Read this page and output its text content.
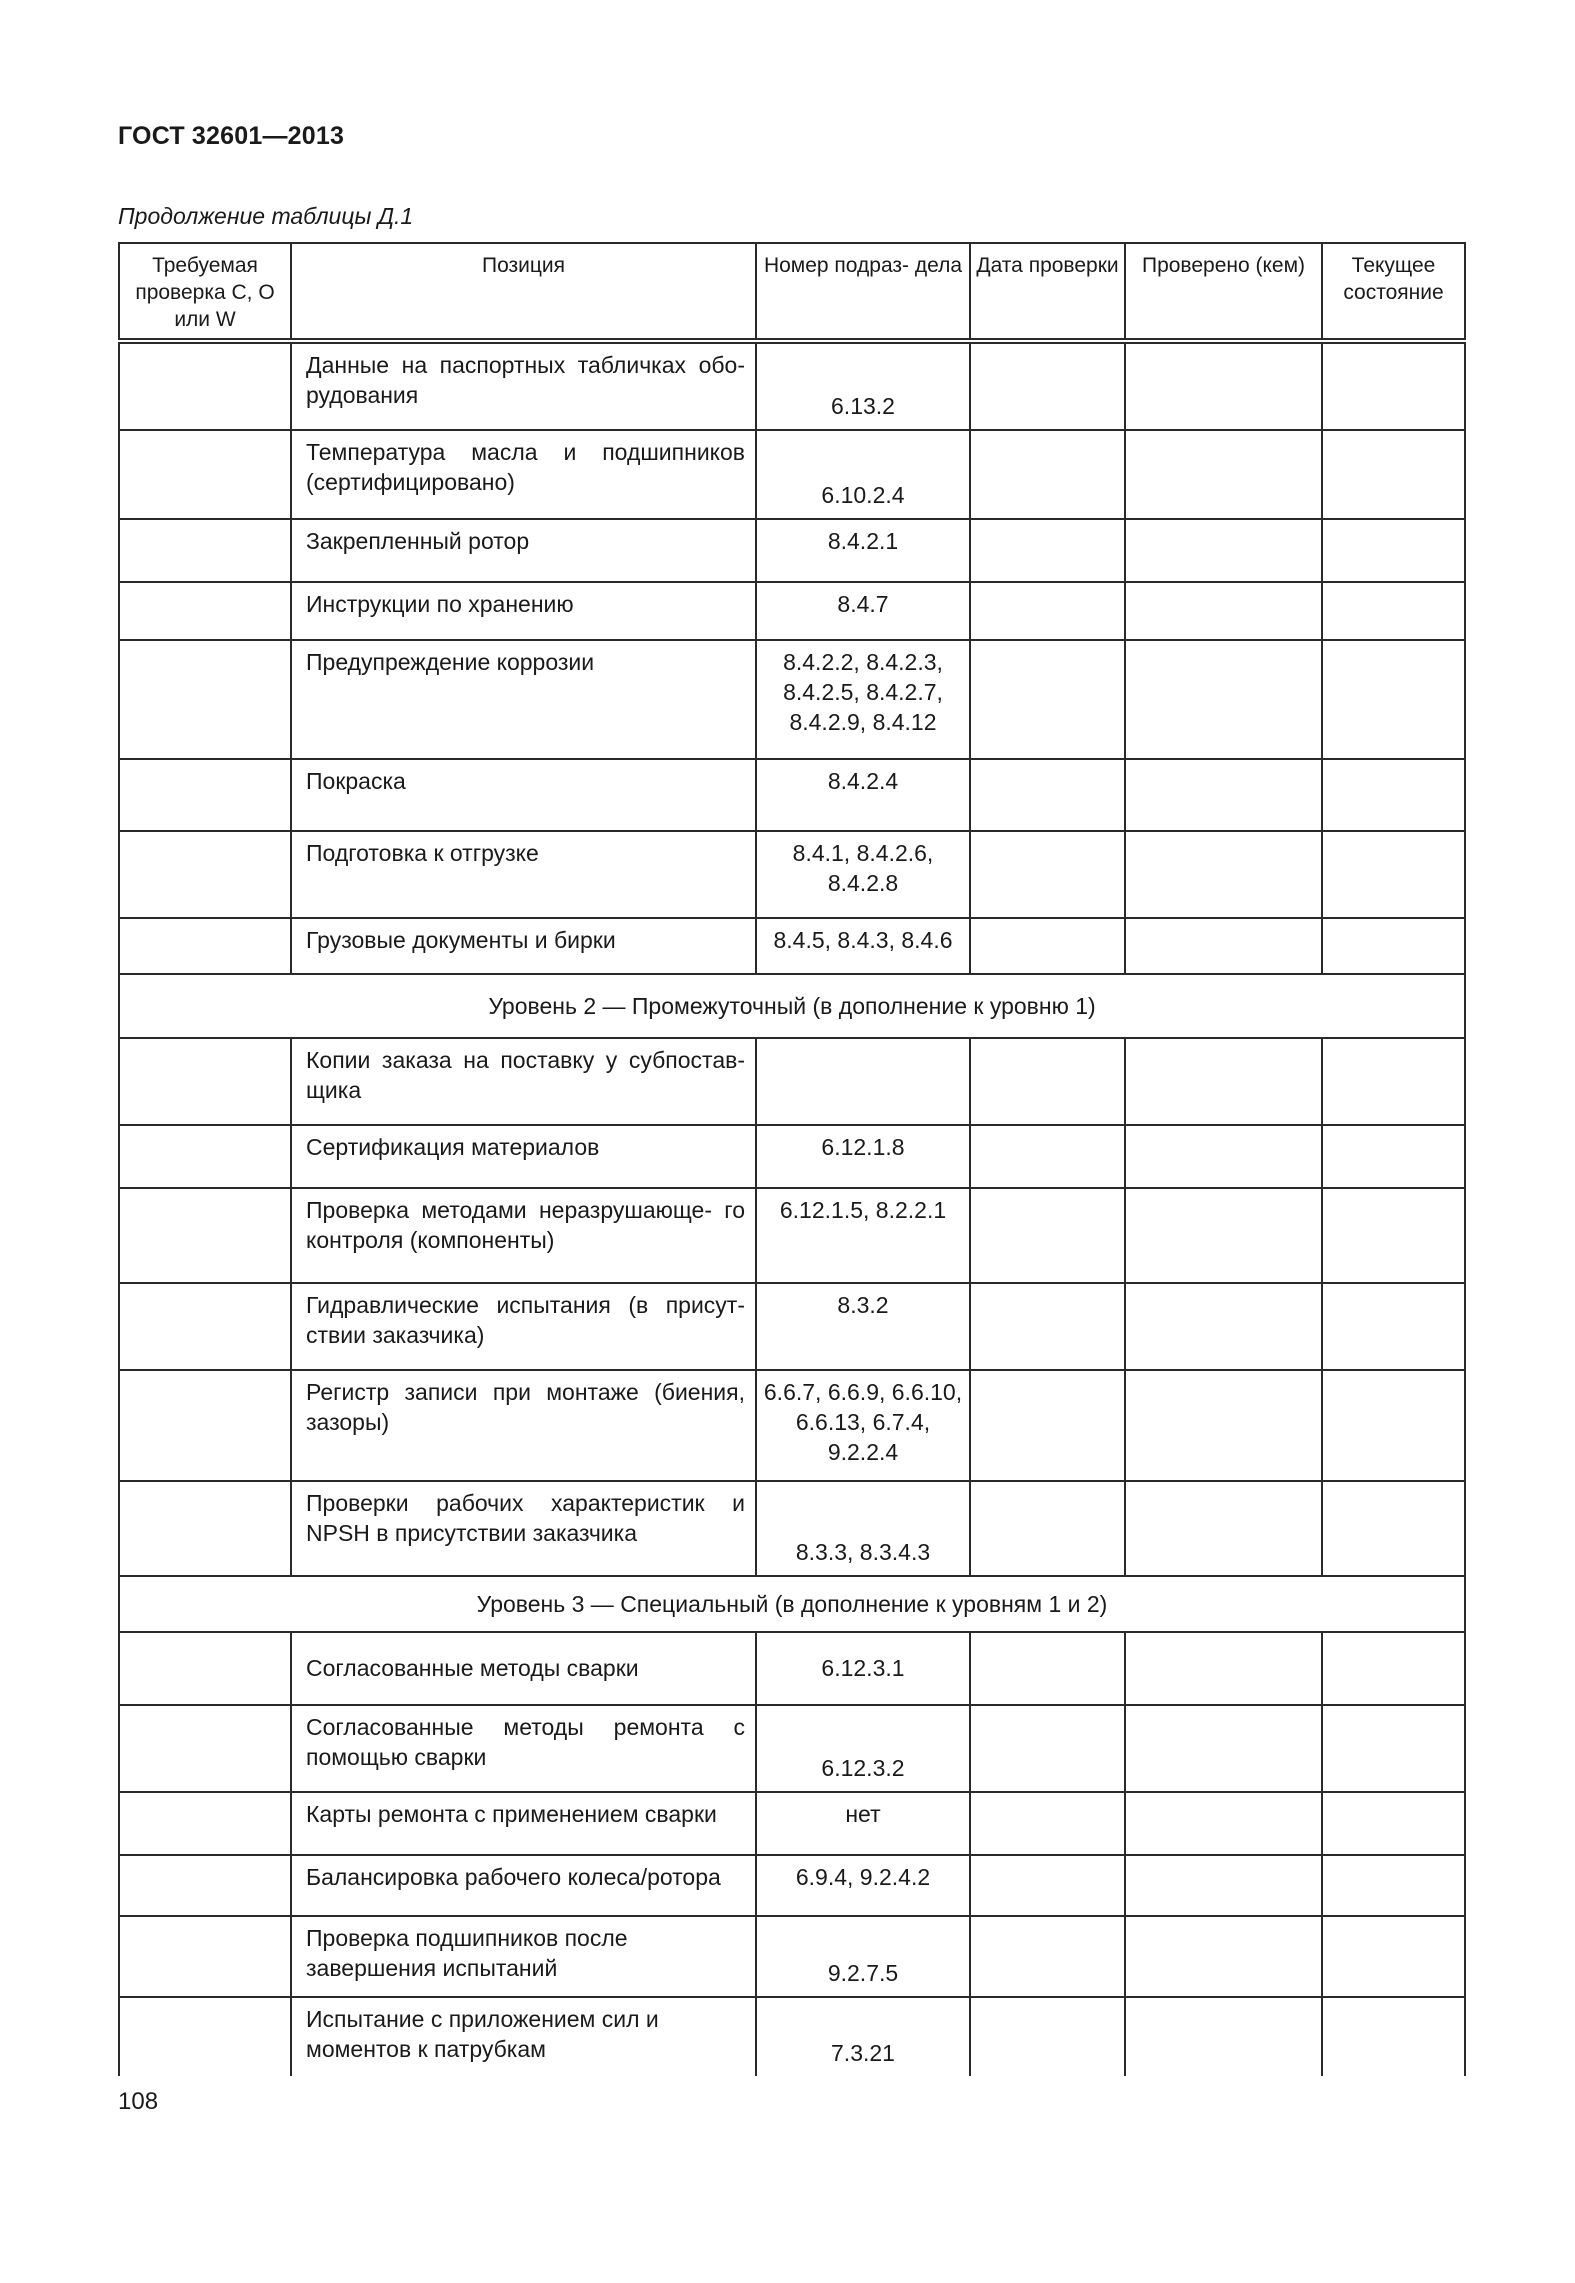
ГОСТ 32601—2013
Продолжение таблицы Д.1
Требуемая проверка С, О или W	Позиция	Номер подраз- дела	Дата проверки	Проверено (кем)	Текущее состояние
	Данные на паспортных табличках обо- рудования	6.13.2			
	Температура масла и подшипников (сертифицировано)	6.10.2.4			
	Закрепленный ротор	8.4.2.1			
	Инструкции по хранению	8.4.7			
	Предупреждение коррозии	8.4.2.2, 8.4.2.3, 8.4.2.5, 8.4.2.7, 8.4.2.9, 8.4.12			
	Покраска	8.4.2.4			
	Подготовка к отгрузке	8.4.1, 8.4.2.6, 8.4.2.8			
	Грузовые документы и бирки	8.4.5, 8.4.3, 8.4.6			
Уровень 2 — Промежуточный (в дополнение к уровню 1)					
	Копии заказа на поставку у субпостав- щика				
	Сертификация материалов	6.12.1.8			
	Проверка методами неразрушающе- го контроля (компоненты)	6.12.1.5, 8.2.2.1			
	Гидравлические испытания (в присут- ствии заказчика)	8.3.2			
	Регистр записи при монтаже (биения, зазоры)	6.6.7, 6.6.9, 6.6.10, 6.6.13, 6.7.4, 9.2.2.4			
	Проверки рабочих характеристик и NPSH в присутствии заказчика	8.3.3, 8.3.4.3			
Уровень 3 — Специальный (в дополнение к уровням 1 и 2)					
	Согласованные методы сварки	6.12.3.1			
	Согласованные методы ремонта с помощью сварки	6.12.3.2			
	Карты ремонта с применением сварки	нет			
	Балансировка рабочего колеса/ротора	6.9.4, 9.2.4.2			
	Проверка подшипников после завершения испытаний	9.2.7.5			
	Испытание с приложением сил и моментов к патрубкам	7.3.21			
108
